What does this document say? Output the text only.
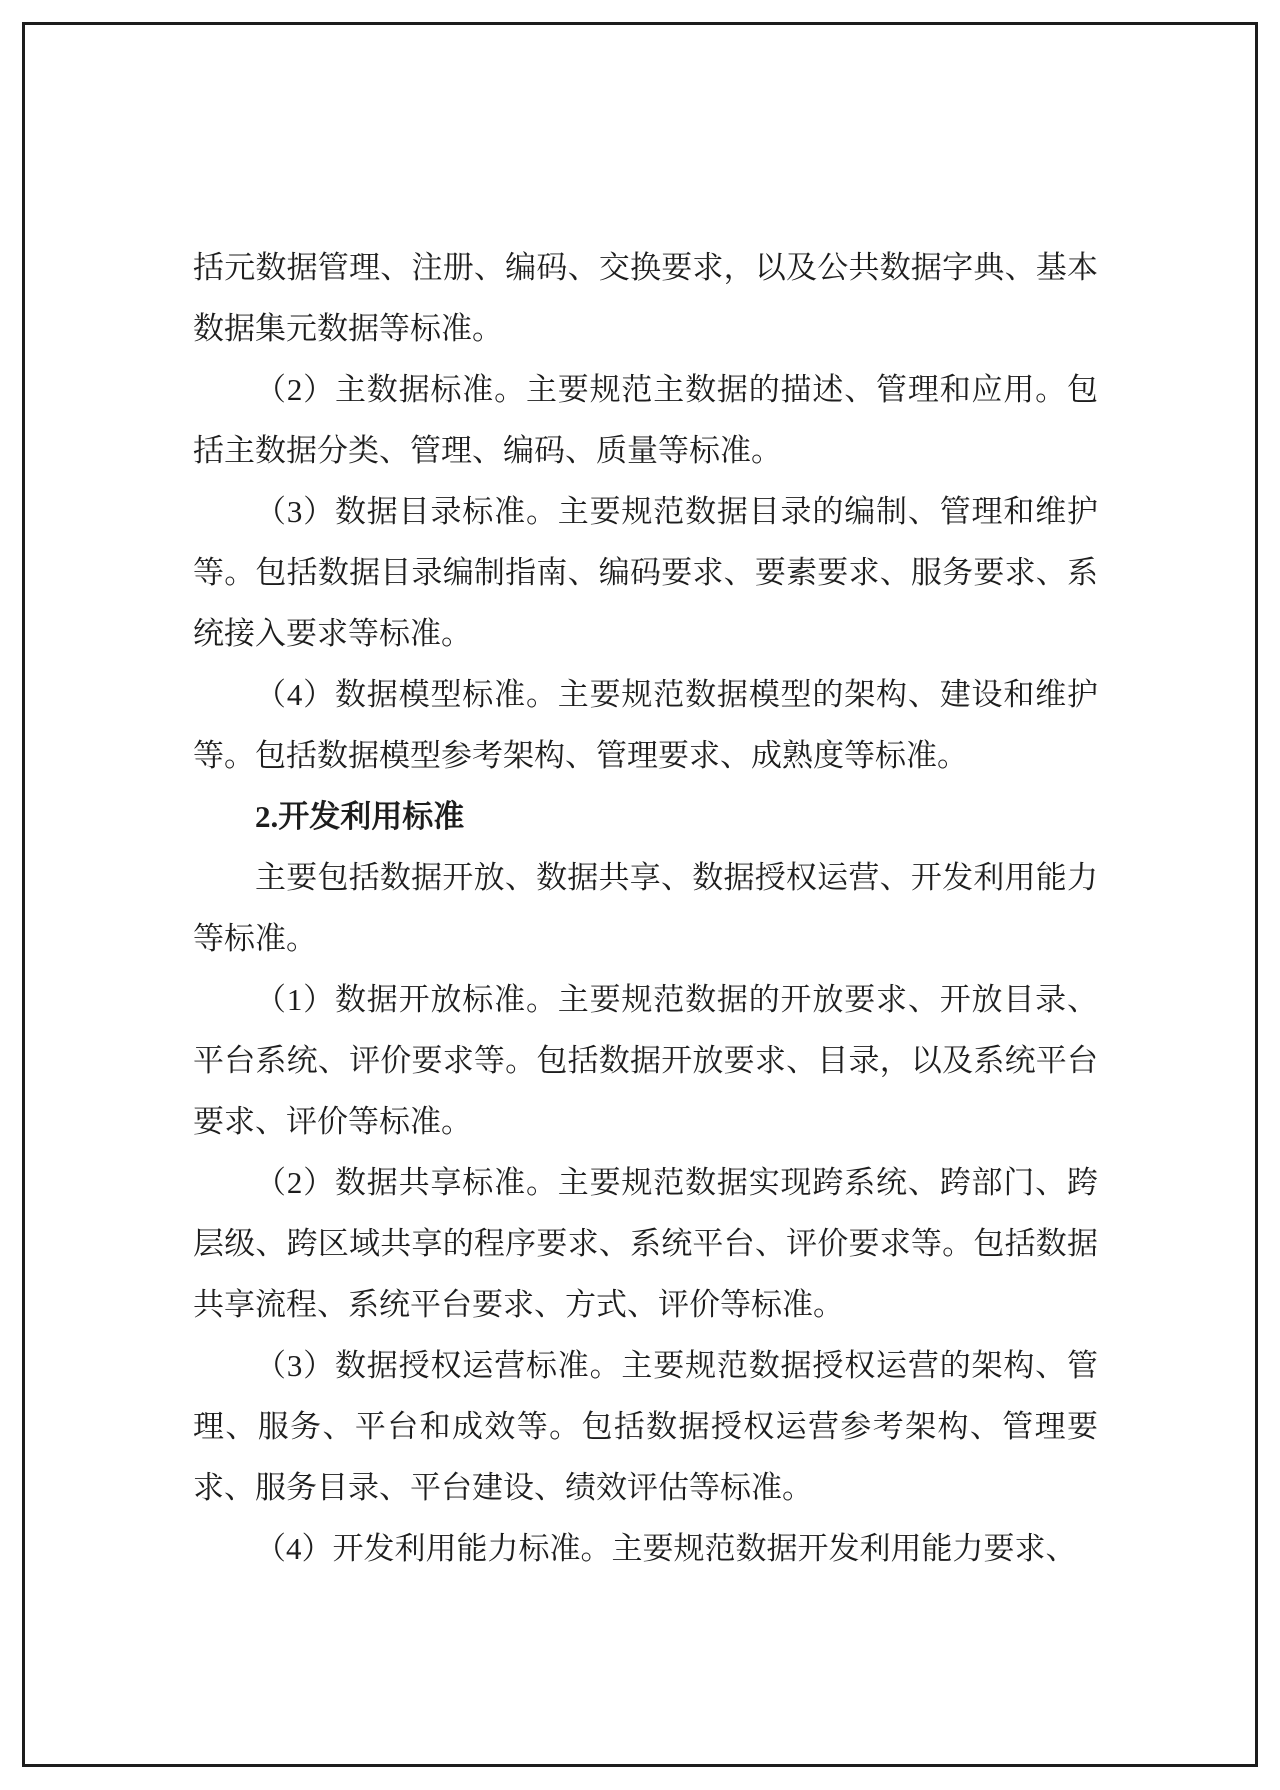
括元数据管理、注册、编码、交换要求，以及公共数据字典、基本数据集元数据等标准。

（2）主数据标准。主要规范主数据的描述、管理和应用。包括主数据分类、管理、编码、质量等标准。

（3）数据目录标准。主要规范数据目录的编制、管理和维护等。包括数据目录编制指南、编码要求、要素要求、服务要求、系统接入要求等标准。

（4）数据模型标准。主要规范数据模型的架构、建设和维护等。包括数据模型参考架构、管理要求、成熟度等标准。

2.开发利用标准

主要包括数据开放、数据共享、数据授权运营、开发利用能力等标准。

（1）数据开放标准。主要规范数据的开放要求、开放目录、平台系统、评价要求等。包括数据开放要求、目录，以及系统平台要求、评价等标准。

（2）数据共享标准。主要规范数据实现跨系统、跨部门、跨层级、跨区域共享的程序要求、系统平台、评价要求等。包括数据共享流程、系统平台要求、方式、评价等标准。

（3）数据授权运营标准。主要规范数据授权运营的架构、管理、服务、平台和成效等。包括数据授权运营参考架构、管理要求、服务目录、平台建设、绩效评估等标准。

（4）开发利用能力标准。主要规范数据开发利用能力要求、
